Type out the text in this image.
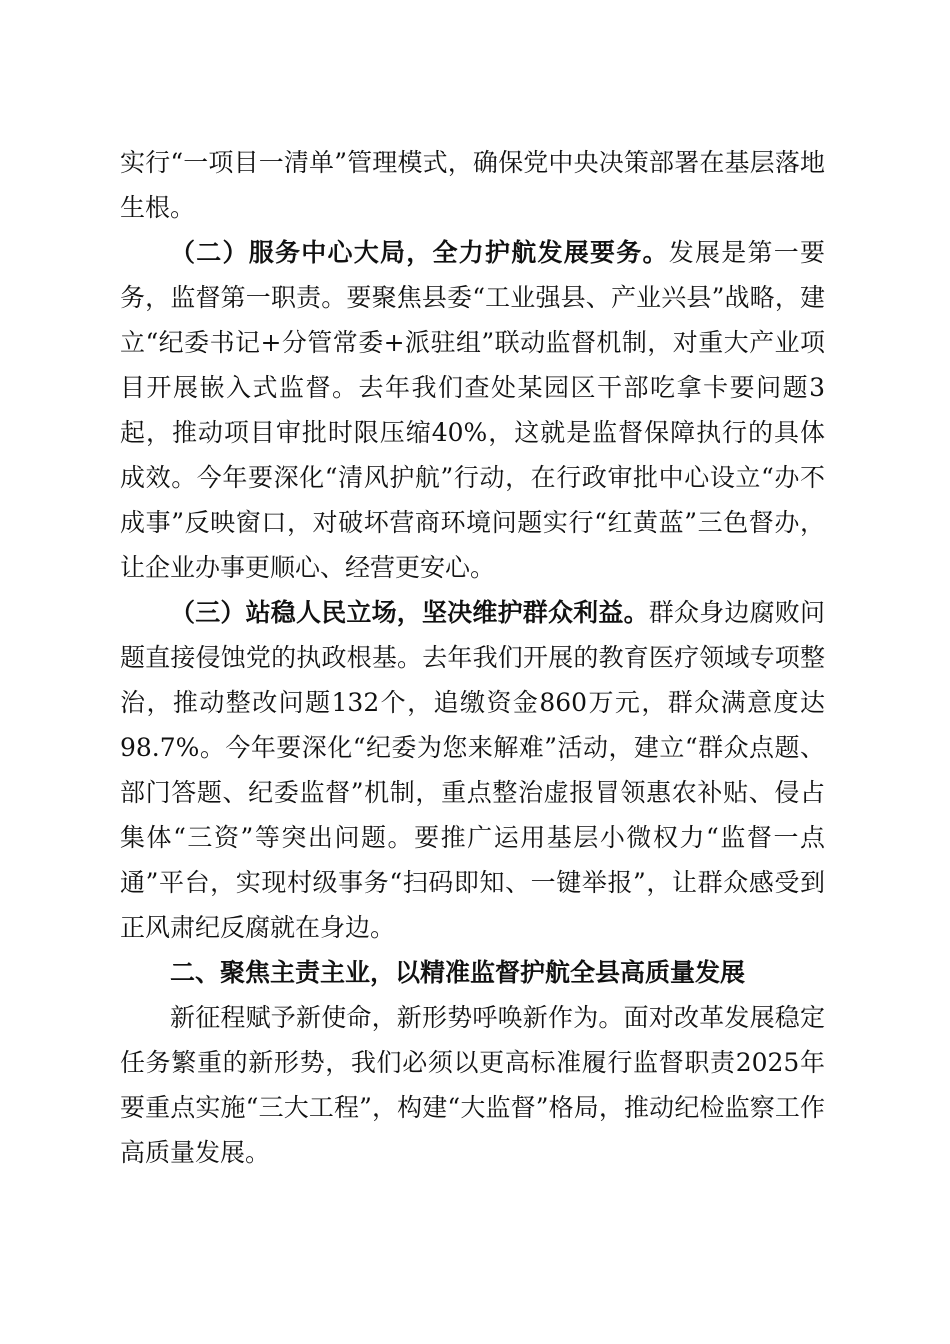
实行“一项目一清单”管理模式，确保党中央决策部署在基层落地生根。

（二）服务中心大局，全力护航发展要务。发展是第一要务，监督第一职责。要聚焦县委“工业强县、产业兴县”战略，建立“纪委书记+分管常委+派驻组”联动监督机制，对重大产业项目开展嵌入式监督。去年我们查处某园区干部吃拿卡要问题3起，推动项目审批时限压缩40%，这就是监督保障执行的具体成效。今年要深化“清风护航”行动，在行政审批中心设立“办不成事”反映窗口，对破坏营商环境问题实行“红黄蓝”三色督办，让企业办事更顺心、经营更安心。

（三）站稳人民立场，坚决维护群众利益。群众身边腐败问题直接侵蚀党的执政根基。去年我们开展的教育医疗领域专项整治，推动整改问题132个，追缴资金860万元，群众满意度达98.7%。今年要深化“纪委为您来解难”活动，建立“群众点题、部门答题、纪委监督”机制，重点整治虚报冒领惠农补贴、侵占集体“三资”等突出问题。要推广运用基层小微权力“监督一点通”平台，实现村级事务“扫码即知、一键举报”，让群众感受到正风肃纪反腐就在身边。

二、聚焦主责主业，以精准监督护航全县高质量发展

新征程赋予新使命，新形势呼唤新作为。面对改革发展稳定任务繁重的新形势，我们必须以更高标准履行监督职责2025年要重点实施“三大工程”，构建“大监督”格局，推动纪检监察工作高质量发展。
